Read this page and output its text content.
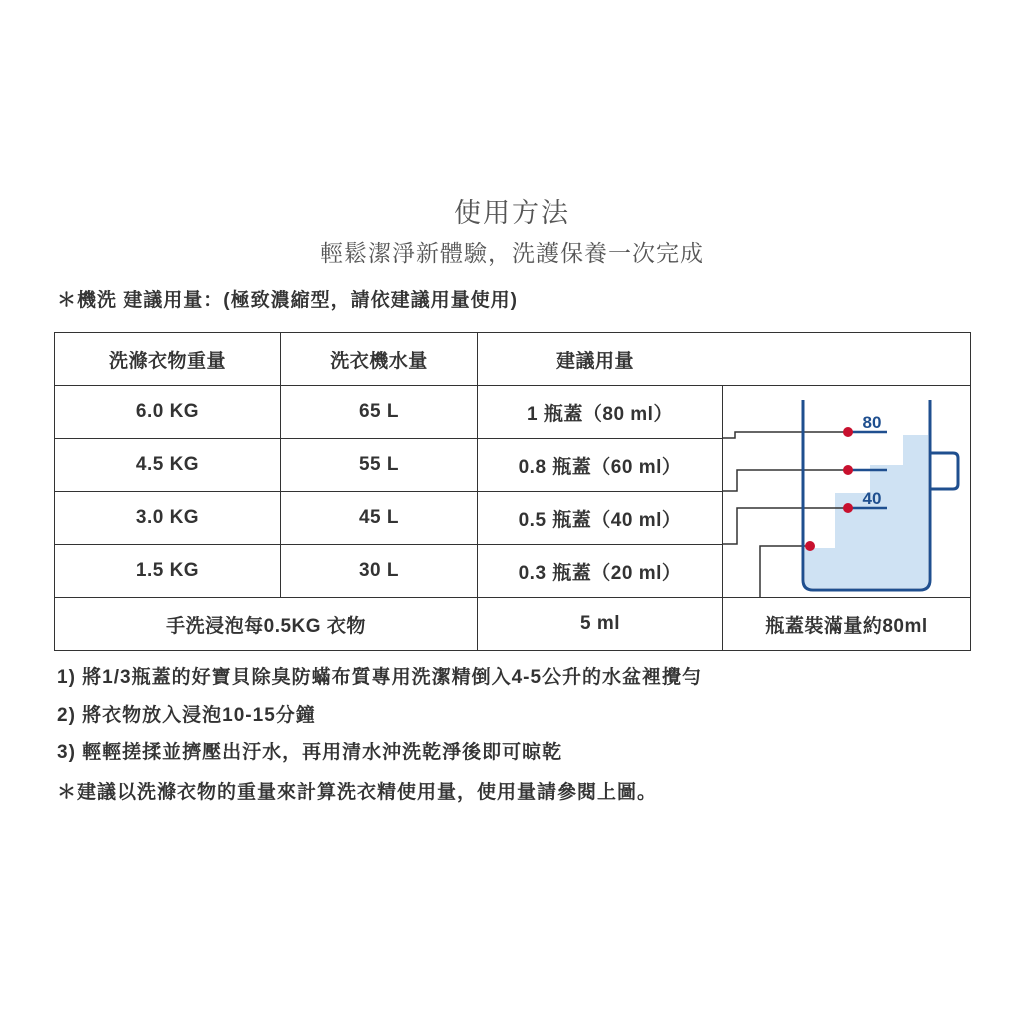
使用方法
輕鬆潔淨新體驗，洗護保養一次完成
＊機洗 建議用量：(極致濃縮型，請依建議用量使用)
洗滌衣物重量	洗衣機水量	建議用量	
6.0 KG	65 L	1 瓶蓋（80 ml）	
4.5 KG	55 L	0.8 瓶蓋（60 ml）	
3.0 KG	45 L	0.5 瓶蓋（40 ml）	
1.5 KG	30 L	0.3 瓶蓋（20 ml）	
手洗浸泡每0.5KG 衣物		5 ml	瓶蓋裝滿量約80ml
80
40
1) 將1/3瓶蓋的好寶貝除臭防蟎布質專用洗潔精倒入4-5公升的水盆裡攪勻
2) 將衣物放入浸泡10-15分鐘
3) 輕輕搓揉並擠壓出汙水，再用清水沖洗乾淨後即可晾乾
＊建議以洗滌衣物的重量來計算洗衣精使用量，使用量請參閱上圖。
